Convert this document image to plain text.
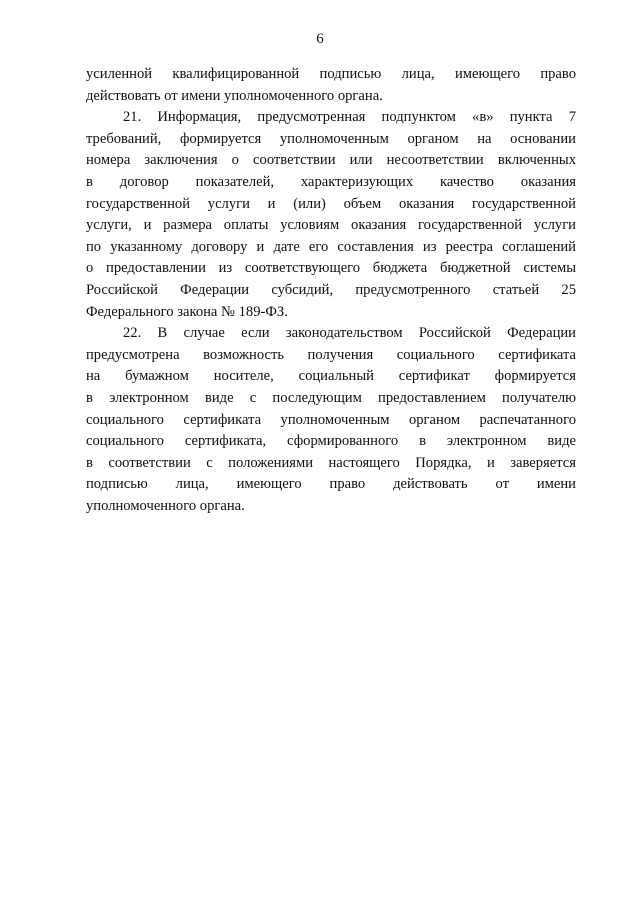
6
усиленной квалифицированной подписью лица, имеющего право
действовать от имени уполномоченного органа.
21. Информация, предусмотренная подпунктом «в» пункта 7
требований, формируется уполномоченным органом на основании
номера заключения о соответствии или несоответствии включенных
в договор показателей, характеризующих качество оказания
государственной услуги и (или) объем оказания государственной
услуги, и размера оплаты условиям оказания государственной услуги
по указанному договору и дате его составления из реестра соглашений
о предоставлении из соответствующего бюджета бюджетной системы
Российской Федерации субсидий, предусмотренного статьей 25
Федерального закона № 189-ФЗ.
22. В случае если законодательством Российской Федерации
предусмотрена возможность получения социального сертификата
на бумажном носителе, социальный сертификат формируется
в электронном виде с последующим предоставлением получателю
социального сертификата уполномоченным органом распечатанного
социального сертификата, сформированного в электронном виде
в соответствии с положениями настоящего Порядка, и заверяется
подписью лица, имеющего право действовать от имени
уполномоченного органа.
